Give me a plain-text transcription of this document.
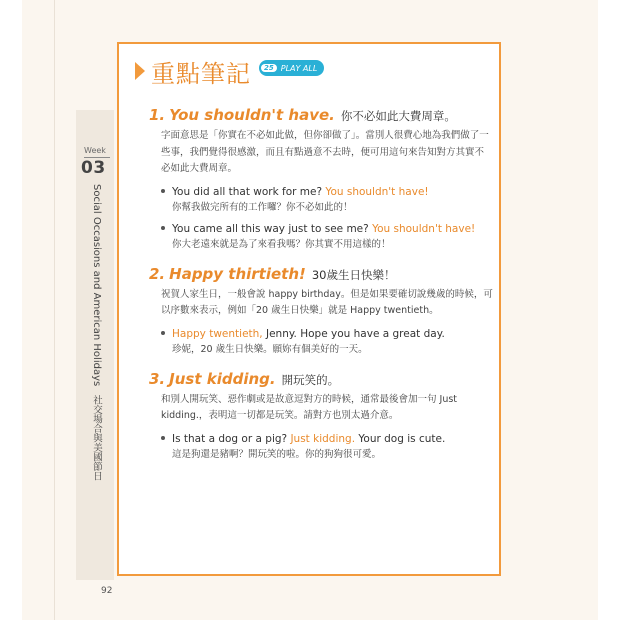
Week
03
Social Occasions and American Holidays 社交場合與美國節日
92
重點筆記	25 PLAY ALL
1. You shouldn't have. 你不必如此大費周章。
字面意思是「你實在不必如此做，但你卻做了」。當別人很費心地為我們做了一些事，我們覺得很感激，而且有點過意不去時，便可用這句來告知對方其實不必如此大費周章。
You did all that work for me? You shouldn't have!
你幫我做完所有的工作囉？你不必如此的！
You came all this way just to see me? You shouldn't have!
你大老遠來就是為了來看我嗎？你其實不用這樣的！
2. Happy thirtieth! 30歲生日快樂！
祝賀人家生日，一般會說 happy birthday。但是如果要確切說幾歲的時候，可以序數來表示，例如「20 歲生日快樂」就是 Happy twentieth。
Happy twentieth, Jenny. Hope you have a great day.
珍妮，20 歲生日快樂。願妳有個美好的一天。
3. Just kidding. 開玩笑的。
和別人開玩笑、惡作劇或是故意逗對方的時候，通常最後會加一句 Just kidding.，表明這一切都是玩笑。請對方也別太過介意。
Is that a dog or a pig? Just kidding. Your dog is cute.
這是狗還是豬啊？開玩笑的啦。你的狗狗很可愛。
